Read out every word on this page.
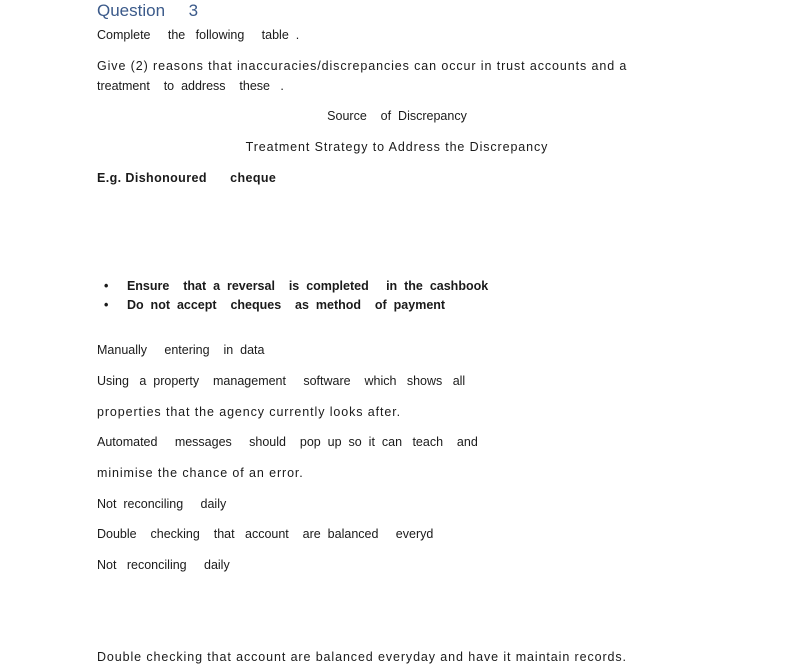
Question     3
Complete     the   following     table  .
Give (2) reasons that inaccuracies/discrepancies can occur in trust accounts and a
treatment    to  address    these   .
Source    of  Discrepancy
Treatment Strategy to Address the Discrepancy
E.g. Dishonoured      cheque

• Ensure    that  a  reversal    is  completed     in  the  cashbook

• Do  not  accept    cheques    as  method    of  payment

Manually     entering    in  data
Using   a  property    management     software    which   shows   all
properties that the agency currently looks after.
Automated     messages     should    pop  up  so  it  can   teach    and
minimise the chance of an error.
Not  reconciling     daily
Double    checking    that   account    are  balanced     everyd
Not   reconciling     daily
Double checking that account are balanced everyday and have it maintain records.
